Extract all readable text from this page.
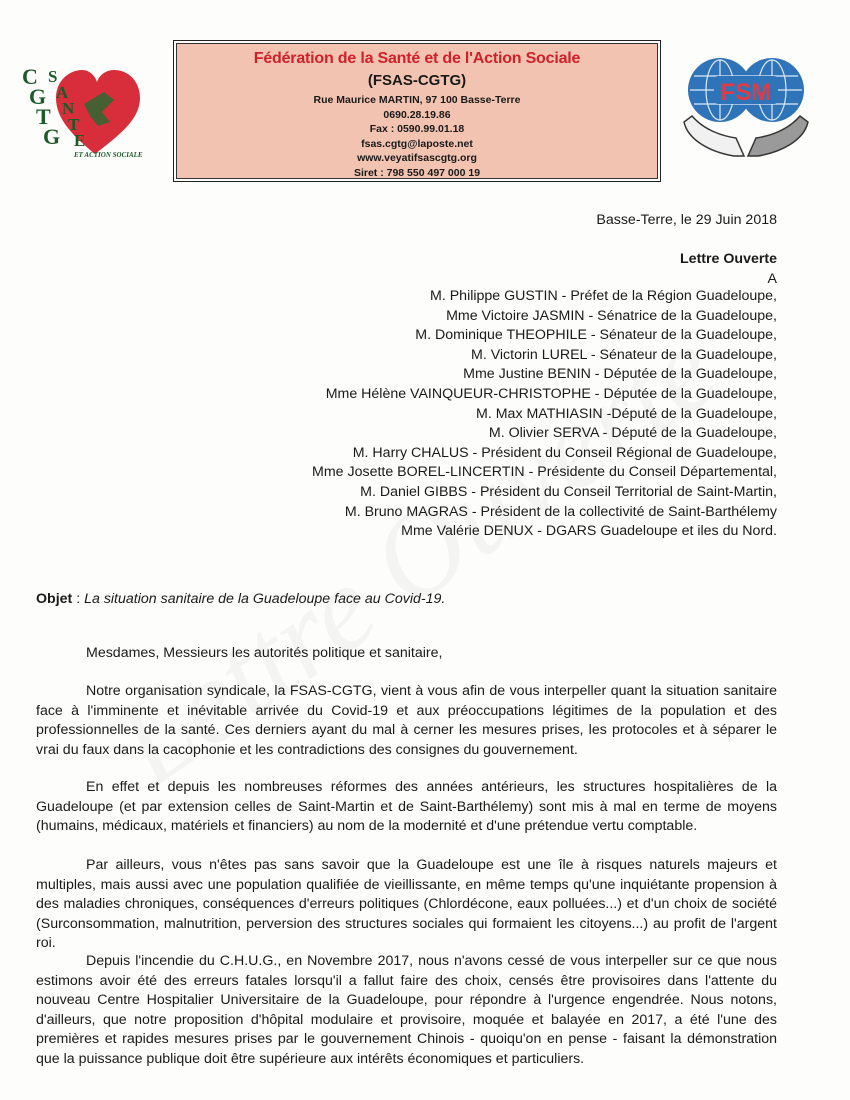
C
G
T
G
S
A
N
T
E
ET ACTION SOCIALE
Fédération de la Santé et de l'Action Sociale
(FSAS-CGTG)
Rue Maurice MARTIN, 97 100 Basse-Terre
0690.28.19.86
Fax : 0590.99.01.18
fsas.cgtg@laposte.net
www.veyatifsascgtg.org
Siret : 798 550 497 000 19
FSM
Basse-Terre, le 29 Juin 2018
Lettre Ouverte
A
M. Philippe GUSTIN - Préfet de la Région Guadeloupe,
Mme Victoire JASMIN - Sénatrice de la Guadeloupe,
M. Dominique THEOPHILE - Sénateur de la Guadeloupe,
M. Victorin LUREL - Sénateur de la Guadeloupe,
Mme Justine BENIN - Députée de la Guadeloupe,
Mme Hélène VAINQUEUR-CHRISTOPHE - Députée de la Guadeloupe,
M. Max MATHIASIN -Député de la Guadeloupe,
M. Olivier SERVA - Député de la Guadeloupe,
M. Harry CHALUS - Président du Conseil Régional de Guadeloupe,
Mme Josette BOREL-LINCERTIN - Présidente du Conseil Départemental,
M. Daniel GIBBS - Président du Conseil Territorial de Saint-Martin,
M. Bruno MAGRAS - Président de la collectivité de Saint-Barthélemy
Mme Valérie DENUX - DGARS Guadeloupe et iles du Nord.
Objet : La situation sanitaire de la Guadeloupe face au Covid-19.
Mesdames, Messieurs les autorités politique et sanitaire,

Notre organisation syndicale, la FSAS-CGTG, vient à vous afin de vous interpeller quant la situation sanitaire face à l'imminente et inévitable arrivée du Covid-19 et aux préoccupations légitimes de la population et des professionnelles de la santé. Ces derniers ayant du mal à cerner les mesures prises, les protocoles et à séparer le vrai du faux dans la cacophonie et les contradictions des consignes du gouvernement.

En effet et depuis les nombreuses réformes des années antérieurs, les structures hospitalières de la Guadeloupe (et par extension celles de Saint-Martin et de Saint-Barthélemy) sont mis à mal en terme de moyens (humains, médicaux, matériels et financiers) au nom de la modernité et d'une prétendue vertu comptable.

Par ailleurs, vous n'êtes pas sans savoir que la Guadeloupe est une île à risques naturels majeurs et multiples, mais aussi avec une population qualifiée de vieillissante, en même temps qu'une inquiétante propension à des maladies chroniques, conséquences d'erreurs politiques (Chlordécone, eaux polluées...) et d'un choix de société (Surconsommation, malnutrition, perversion des structures sociales qui formaient les citoyens...) au profit de l'argent roi.

Depuis l'incendie du C.H.U.G., en Novembre 2017, nous n'avons cessé de vous interpeller sur ce que nous estimons avoir été des erreurs fatales lorsqu'il a fallut faire des choix, censés être provisoires dans l'attente du nouveau Centre Hospitalier Universitaire de la Guadeloupe, pour répondre à l'urgence engendrée. Nous notons, d'ailleurs, que notre proposition d'hôpital modulaire et provisoire, moquée et balayée en 2017, a été l'une des premières et rapides mesures prises par le gouvernement Chinois - quoiqu'on en pense - faisant la démonstration que la puissance publique doit être supérieure aux intérêts économiques et particuliers.
